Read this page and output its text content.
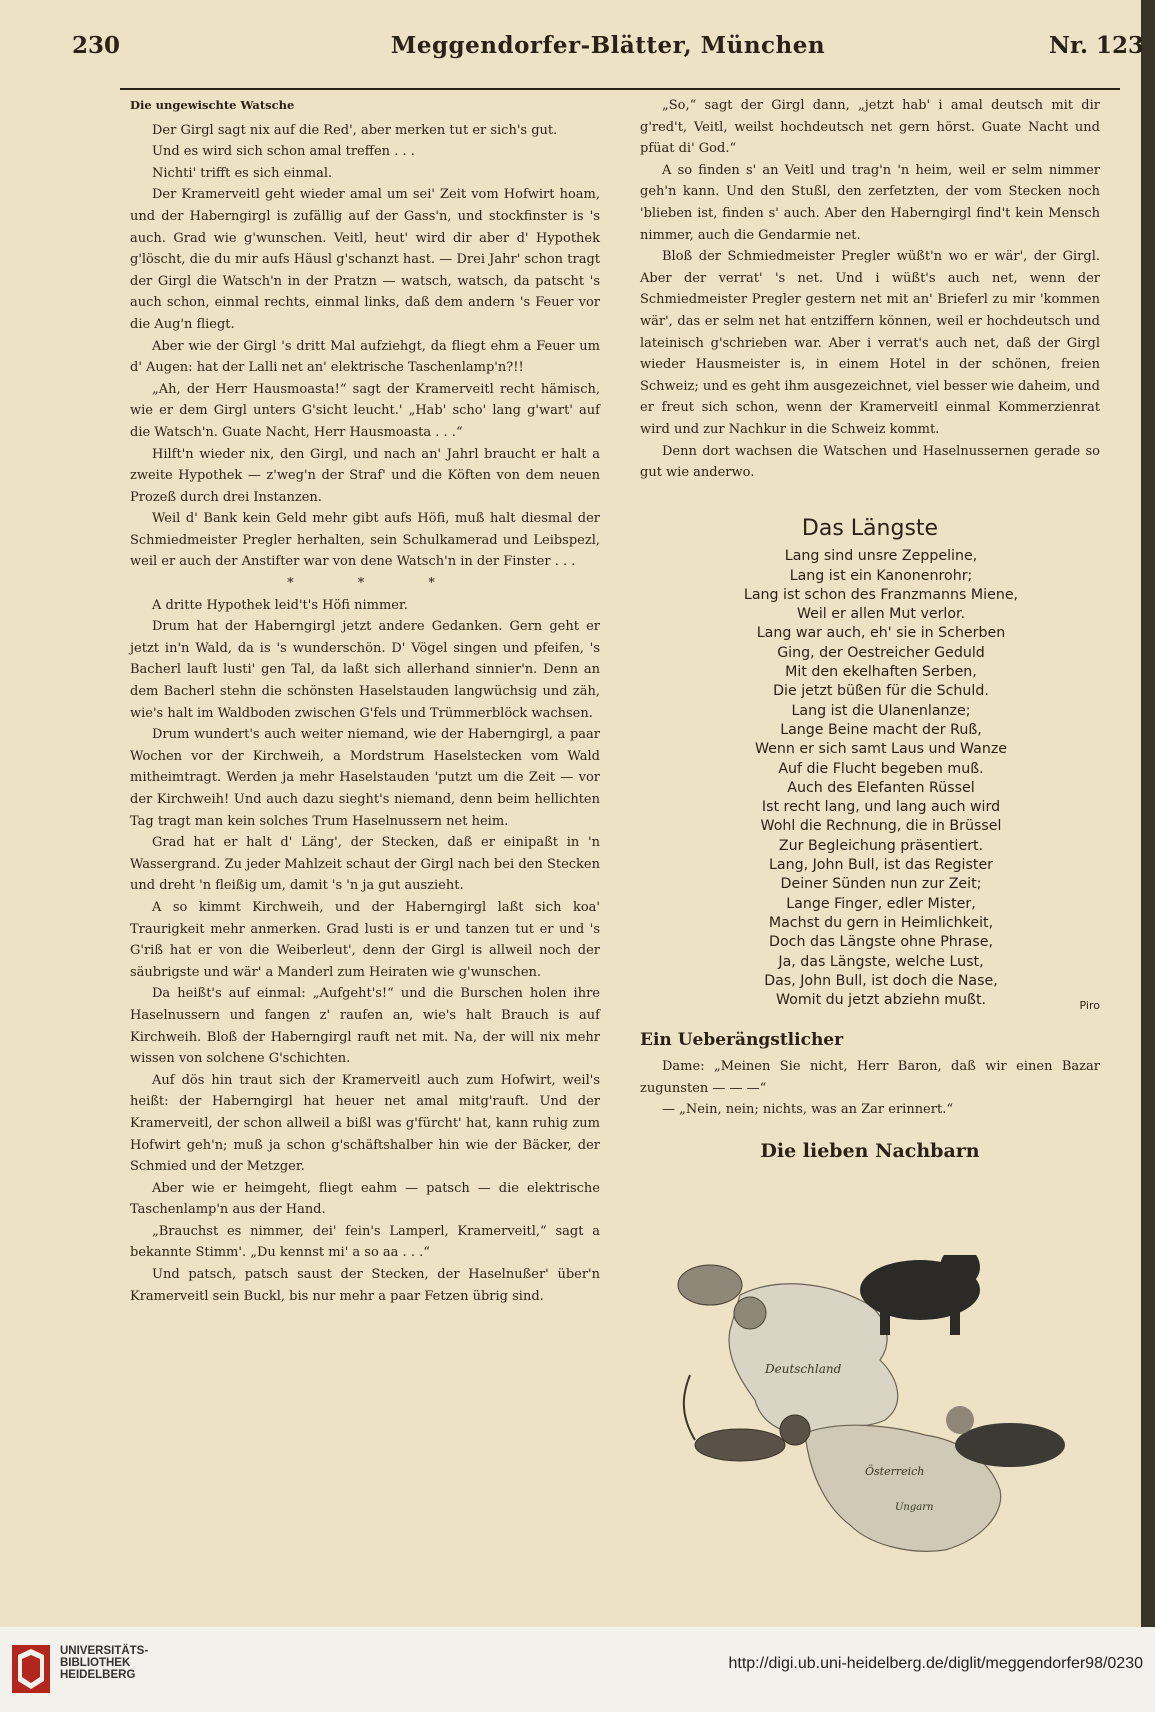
230	Meggendorfer-Blätter, München	Nr. 123
Die ungewischte Watsche

Der Girgl sagt nix auf die Red', aber merken tut er sich's gut.

Und es wird sich schon amal treffen . . .

Nichti' trifft es sich einmal.

Der Kramerveitl geht wieder amal um sei' Zeit vom Hofwirt hoam, und der Haberngirgl is zufällig auf der Gass'n, und stockfinster is 's auch. Grad wie g'wunschen. Veitl, heut' wird dir aber d' Hypothek g'löscht, die du mir aufs Häusl g'schanzt hast. — Drei Jahr' schon tragt der Girgl die Watsch'n in der Pratzn — watsch, watsch, da patscht 's auch schon, einmal rechts, einmal links, daß dem andern 's Feuer vor die Aug'n fliegt.

Aber wie der Girgl 's dritt Mal aufziehgt, da fliegt ehm a Feuer um d' Augen: hat der Lalli net an' elektrische Taschenlamp'n?!!

„Ah, der Herr Hausmoasta!“ sagt der Kramerveitl recht hämisch, wie er dem Girgl unters G'sicht leucht.' „Hab' scho' lang g'wart' auf die Watsch'n. Guate Nacht, Herr Hausmoasta . . .“

Hilft'n wieder nix, den Girgl, und nach an' Jahrl braucht er halt a zweite Hypothek — z'weg'n der Straf' und die Köften von dem neuen Prozeß durch drei Instanzen.

Weil d' Bank kein Geld mehr gibt aufs Höfi, muß halt diesmal der Schmiedmeister Pregler herhalten, sein Schulkamerad und Leibspezl, weil er auch der Anstifter war von dene Watsch'n in der Finster . . .

* * *

A dritte Hypothek leid't's Höfi nimmer.

Drum hat der Haberngirgl jetzt andere Gedanken. Gern geht er jetzt in'n Wald, da is 's wunderschön. D' Vögel singen und pfeifen, 's Bacherl lauft lusti' gen Tal, da laßt sich allerhand sinnier'n. Denn an dem Bacherl stehn die schönsten Haselstauden langwüchsig und zäh, wie's halt im Waldboden zwischen G'fels und Trümmerblöck wachsen.

Drum wundert's auch weiter niemand, wie der Haberngirgl, a paar Wochen vor der Kirchweih, a Mordstrum Haselstecken vom Wald mitheimtragt. Werden ja mehr Haselstauden 'putzt um die Zeit — vor der Kirchweih! Und auch dazu sieght's niemand, denn beim hellichten Tag tragt man kein solches Trum Haselnussern net heim.

Grad hat er halt d' Läng', der Stecken, daß er einipaßt in 'n Wassergrand. Zu jeder Mahlzeit schaut der Girgl nach bei den Stecken und dreht 'n fleißig um, damit 's 'n ja gut auszieht.

A so kimmt Kirchweih, und der Haberngirgl laßt sich koa' Traurigkeit mehr anmerken. Grad lusti is er und tanzen tut er und 's G'riß hat er von die Weiberleut', denn der Girgl is allweil noch der säubrigste und wär' a Manderl zum Heiraten wie g'wunschen.

Da heißt's auf einmal: „Aufgeht's!“ und die Burschen holen ihre Haselnussern und fangen z' raufen an, wie's halt Brauch is auf Kirchweih. Bloß der Haberngirgl rauft net mit. Na, der will nix mehr wissen von solchene G'schichten.

Auf dös hin traut sich der Kramerveitl auch zum Hofwirt, weil's heißt: der Haberngirgl hat heuer net amal mitg'rauft. Und der Kramerveitl, der schon allweil a bißl was g'fürcht' hat, kann ruhig zum Hofwirt geh'n; muß ja schon g'schäftshalber hin wie der Bäcker, der Schmied und der Metzger.

Aber wie er heimgeht, fliegt eahm — patsch — die elektrische Taschenlamp'n aus der Hand.

„Brauchst es nimmer, dei' fein's Lamperl, Kramerveitl,“ sagt a bekannte Stimm'. „Du kennst mi' a so aa . . .“

Und patsch, patsch saust der Stecken, der Haselnußer' über'n Kramerveitl sein Buckl, bis nur mehr a paar Fetzen übrig sind.

„So,“ sagt der Girgl dann, „jetzt hab' i amal deutsch mit dir g'red't, Veitl, weilst hochdeutsch net gern hörst. Guate Nacht und pfüat di' God.“

A so finden s' an Veitl und trag'n 'n heim, weil er selm nimmer geh'n kann. Und den Stußl, den zerfetzten, der vom Stecken noch 'blieben ist, finden s' auch. Aber den Haberngirgl find't kein Mensch nimmer, auch die Gendarmie net.

Bloß der Schmiedmeister Pregler wüßt'n wo er wär', der Girgl. Aber der verrat' 's net. Und i wüßt's auch net, wenn der Schmiedmeister Pregler gestern net mit an' Brieferl zu mir 'kommen wär', das er selm net hat entziffern können, weil er hochdeutsch und lateinisch g'schrieben war. Aber i verrat's auch net, daß der Girgl wieder Hausmeister is, in einem Hotel in der schönen, freien Schweiz; und es geht ihm ausgezeichnet, viel besser wie daheim, und er freut sich schon, wenn der Kramerveitl einmal Kommerzienrat wird und zur Nachkur in die Schweiz kommt.

Denn dort wachsen die Watschen und Haselnussernen gerade so gut wie anderwo.

Das Längste

Lang sind unsre Zeppeline,

Lang ist ein Kanonenrohr;

Lang ist schon des Franzmanns Miene,

Weil er allen Mut verlor.

Lang war auch, eh' sie in Scherben

Ging, der Oestreicher Geduld

Mit den ekelhaften Serben,

Die jetzt büßen für die Schuld.

Lang ist die Ulanenlanze;

Lange Beine macht der Ruß,

Wenn er sich samt Laus und Wanze

Auf die Flucht begeben muß.

Auch des Elefanten Rüssel

Ist recht lang, und lang auch wird

Wohl die Rechnung, die in Brüssel

Zur Begleichung präsentiert.

Lang, John Bull, ist das Register

Deiner Sünden nun zur Zeit;

Lange Finger, edler Mister,

Machst du gern in Heimlichkeit,

Doch das Längste ohne Phrase,

Ja, das Längste, welche Lust,

Das, John Bull, ist doch die Nase,

Womit du jetzt abziehn mußt.	Piro
Ein Ueberängstlicher

Dame: „Meinen Sie nicht, Herr Baron, daß wir einen Bazar zugunsten — — —“

— „Nein, nein; nichts, was an Zar erinnert.“

Die lieben Nachbarn
Deutschland
Österreich
Ungarn
UNIVERSITÄTS-
BIBLIOTHEK
HEIDELBERG
http://digi.ub.uni-heidelberg.de/diglit/meggendorfer98/0230
